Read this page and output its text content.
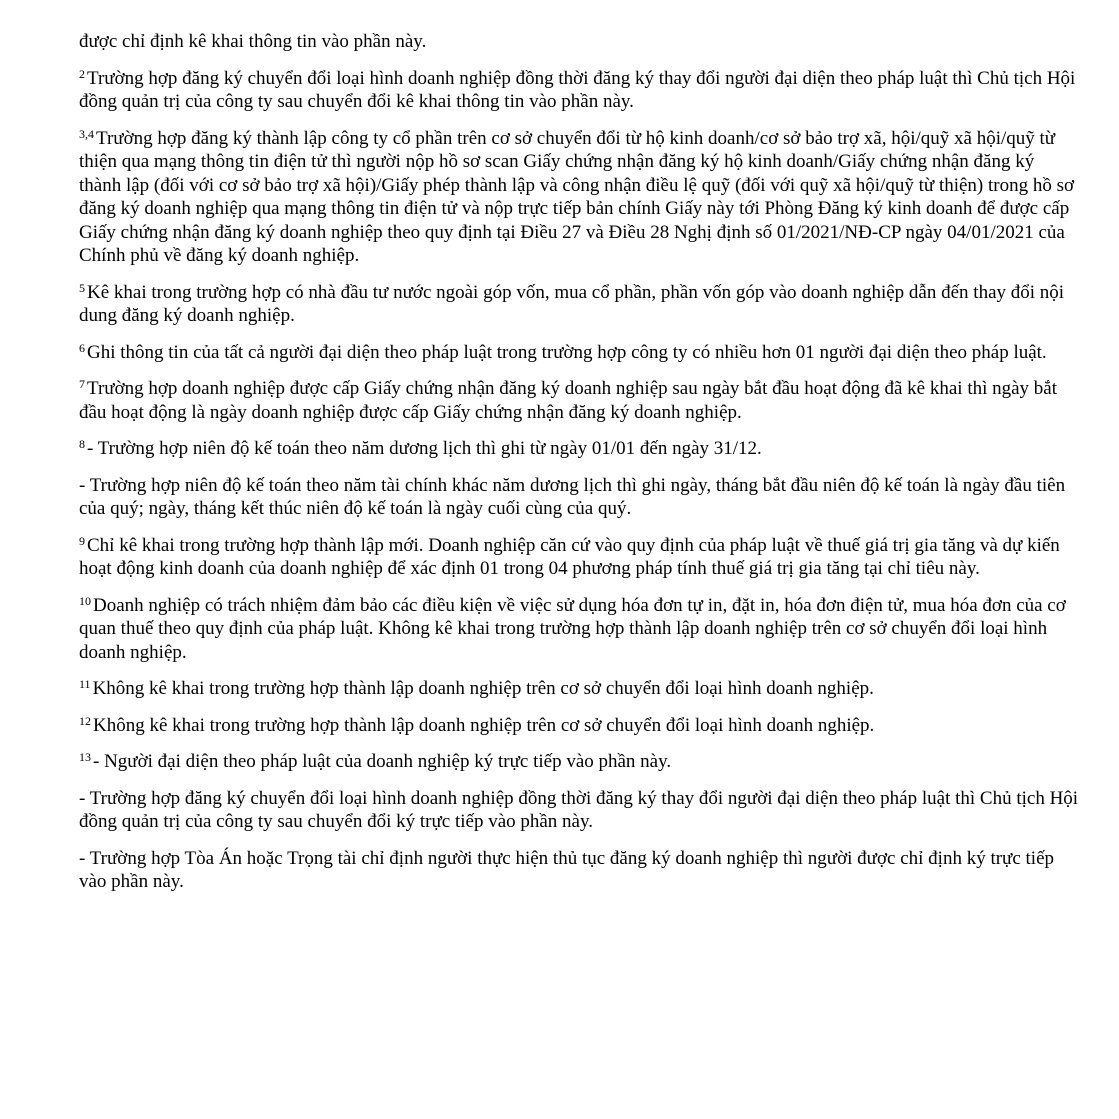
được chỉ định kê khai thông tin vào phần này.

$^2$ Trường hợp đăng ký chuyển đổi loại hình doanh nghiệp đồng thời đăng ký thay đổi người đại diện theo pháp luật thì Chủ tịch Hội đồng quản trị của công ty sau chuyển đổi kê khai thông tin vào phần này.

$^{3,4}$ Trường hợp đăng ký thành lập công ty cổ phần trên cơ sở chuyển đổi từ hộ kinh doanh/cơ sở bảo trợ xã, hội/quỹ xã hội/quỹ từ thiện qua mạng thông tin điện tử thì người nộp hồ sơ scan Giấy chứng nhận đăng ký hộ kinh doanh/Giấy chứng nhận đăng ký thành lập (đối với cơ sở bảo trợ xã hội)/Giấy phép thành lập và công nhận điều lệ quỹ (đối với quỹ xã hội/quỹ từ thiện) trong hồ sơ đăng ký doanh nghiệp qua mạng thông tin điện tử và nộp trực tiếp bản chính Giấy này tới Phòng Đăng ký kinh doanh để được cấp Giấy chứng nhận đăng ký doanh nghiệp theo quy định tại Điều 27 và Điều 28 Nghị định số 01/2021/NĐ-CP ngày 04/01/2021 của Chính phủ về đăng ký doanh nghiệp.

$^5$ Kê khai trong trường hợp có nhà đầu tư nước ngoài góp vốn, mua cổ phần, phần vốn góp vào doanh nghiệp dẫn đến thay đổi nội dung đăng ký doanh nghiệp.

$^6$ Ghi thông tin của tất cả người đại diện theo pháp luật trong trường hợp công ty có nhiều hơn 01 người đại diện theo pháp luật.

$^7$ Trường hợp doanh nghiệp được cấp Giấy chứng nhận đăng ký doanh nghiệp sau ngày bắt đầu hoạt động đã kê khai thì ngày bắt đầu hoạt động là ngày doanh nghiệp được cấp Giấy chứng nhận đăng ký doanh nghiệp.

$^8$ - Trường hợp niên độ kế toán theo năm dương lịch thì ghi từ ngày 01/01 đến ngày 31/12.

- Trường hợp niên độ kế toán theo năm tài chính khác năm dương lịch thì ghi ngày, tháng bắt đầu niên độ kế toán là ngày đầu tiên của quý; ngày, tháng kết thúc niên độ kế toán là ngày cuối cùng của quý.

$^9$ Chỉ kê khai trong trường hợp thành lập mới. Doanh nghiệp căn cứ vào quy định của pháp luật về thuế giá trị gia tăng và dự kiến hoạt động kinh doanh của doanh nghiệp để xác định 01 trong 04 phương pháp tính thuế giá trị gia tăng tại chỉ tiêu này.

$^{10}$ Doanh nghiệp có trách nhiệm đảm bảo các điều kiện về việc sử dụng hóa đơn tự in, đặt in, hóa đơn điện tử, mua hóa đơn của cơ quan thuế theo quy định của pháp luật. Không kê khai trong trường hợp thành lập doanh nghiệp trên cơ sở chuyển đổi loại hình doanh nghiệp.

$^{11}$ Không kê khai trong trường hợp thành lập doanh nghiệp trên cơ sở chuyển đổi loại hình doanh nghiệp.

$^{12}$ Không kê khai trong trường hợp thành lập doanh nghiệp trên cơ sở chuyển đổi loại hình doanh nghiệp.

$^{13}$ - Người đại diện theo pháp luật của doanh nghiệp ký trực tiếp vào phần này.

- Trường hợp đăng ký chuyển đổi loại hình doanh nghiệp đồng thời đăng ký thay đổi người đại diện theo pháp luật thì Chủ tịch Hội đồng quản trị của công ty sau chuyển đổi ký trực tiếp vào phần này.

- Trường hợp Tòa Án hoặc Trọng tài chỉ định người thực hiện thủ tục đăng ký doanh nghiệp thì người được chỉ định ký trực tiếp vào phần này.
